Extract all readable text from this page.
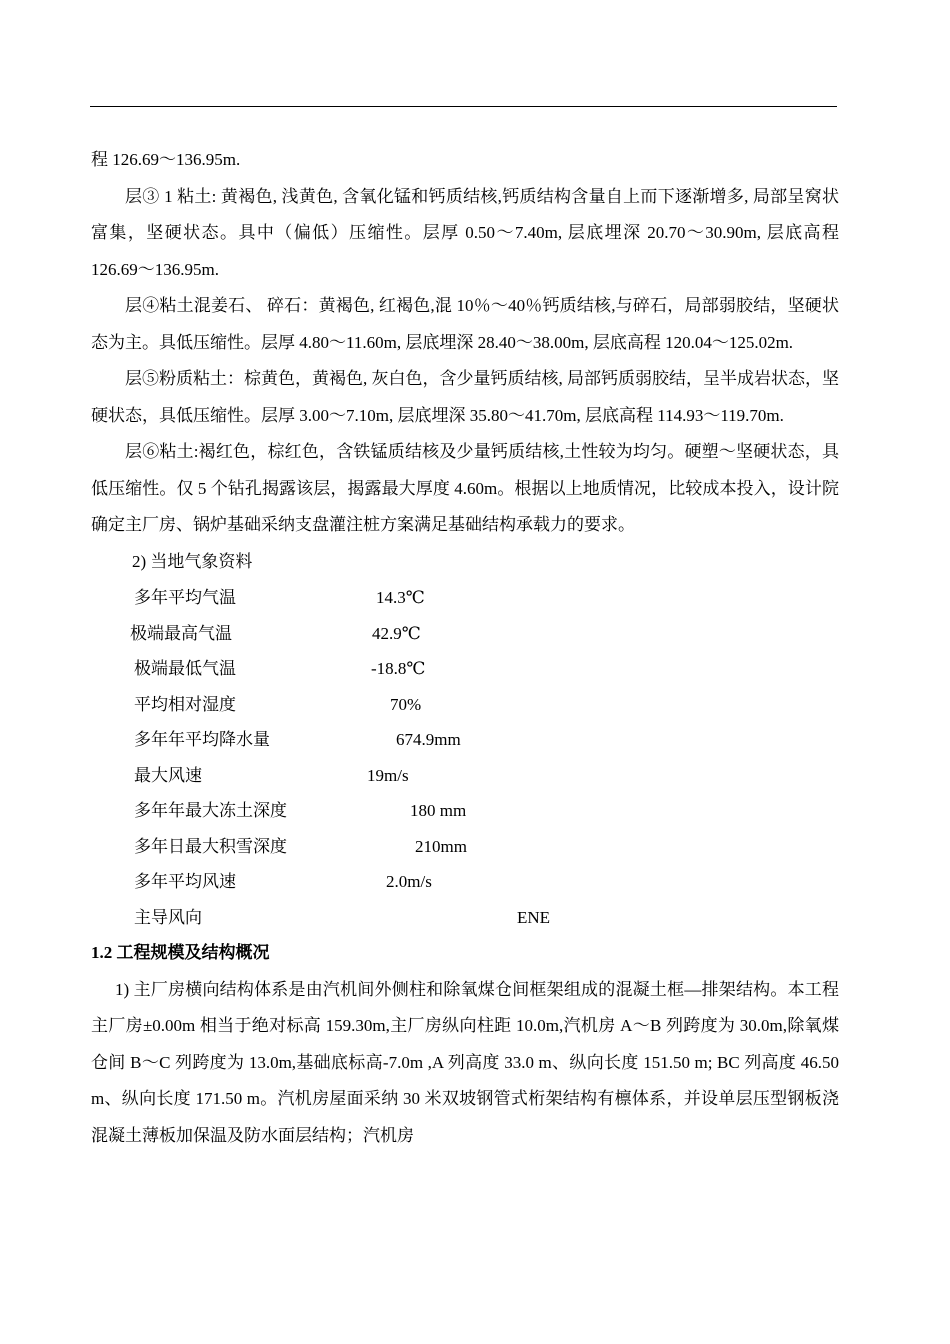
程 126.69～136.95m.

层③ 1 粘土: 黄褐色, 浅黄色, 含氧化锰和钙质结核,钙质结构含量自上而下逐渐增多, 局部呈窝状富集，坚硬状态。具中（偏低）压缩性。层厚 0.50～7.40m, 层底埋深 20.70～30.90m, 层底高程 126.69～136.95m.

层④粘土混姜石、 碎石：黄褐色, 红褐色,混 10％～40％钙质结核,与碎石，局部弱胶结，坚硬状态为主。具低压缩性。层厚 4.80～11.60m, 层底埋深 28.40～38.00m, 层底高程 120.04～125.02m.

层⑤粉质粘土：棕黄色，黄褐色, 灰白色，含少量钙质结核, 局部钙质弱胶结，呈半成岩状态，坚硬状态，具低压缩性。层厚 3.00～7.10m, 层底埋深 35.80～41.70m, 层底高程 114.93～119.70m.

层⑥粘土:褐红色，棕红色，含铁锰质结核及少量钙质结核,土性较为均匀。硬塑～坚硬状态，具低压缩性。仅 5 个钻孔揭露该层，揭露最大厚度 4.60m。根据以上地质情况，比较成本投入，设计院确定主厂房、锅炉基础采纳支盘灌注桩方案满足基础结构承载力的要求。

2) 当地气象资料

多年平均气温	14.3℃
极端最高气温	42.9℃
极端最低气温	-18.8℃
平均相对湿度	70%
多年年平均降水量	674.9mm
最大风速	19m/s
多年年最大冻土深度	180 mm
多年日最大积雪深度	210mm
多年平均风速	2.0m/s
主导风向	ENE

1.2 工程规模及结构概况

1) 主厂房横向结构体系是由汽机间外侧柱和除氧煤仓间框架组成的混凝土框—排架结构。本工程主厂房±0.00m 相当于绝对标高 159.30m,主厂房纵向柱距 10.0m,汽机房 A～B 列跨度为 30.0m,除氧煤仓间 B～C 列跨度为 13.0m,基础底标高-7.0m ,A 列高度 33.0 m、纵向长度 151.50 m; BC 列高度 46.50 m、纵向长度 171.50 m。汽机房屋面采纳 30 米双坡钢管式桁架结构有檩体系，并设单层压型钢板浇混凝土薄板加保温及防水面层结构；汽机房
